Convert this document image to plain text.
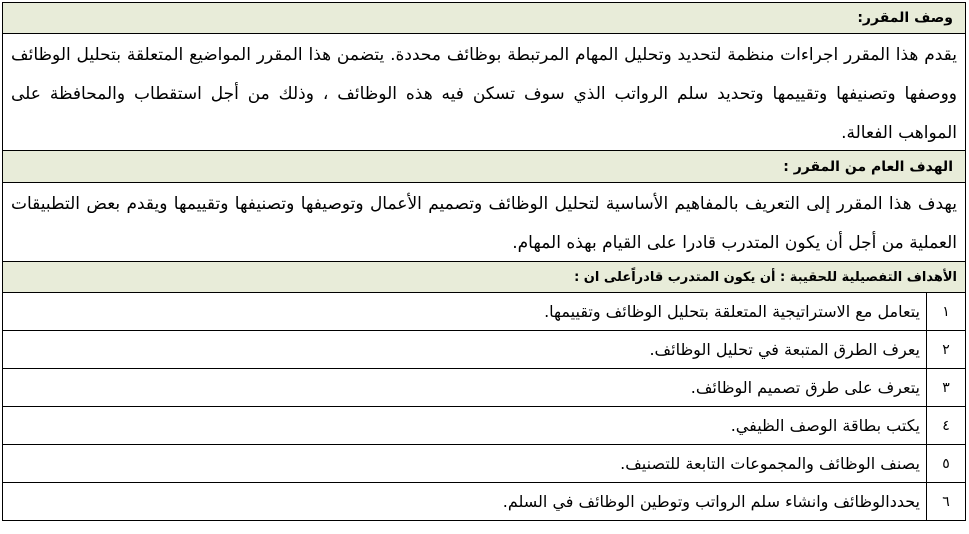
وصف المقرر:
يقدم هذا المقرر اجراءات منظمة لتحديد وتحليل المهام المرتبطة بوظائف محددة. يتضمن هذا المقرر المواضيع المتعلقة بتحليل الوظائف ووصفها وتصنيفها وتقييمها وتحديد سلم الرواتب الذي سوف تسكن فيه هذه الوظائف ، وذلك من أجل استقطاب والمحافظة على المواهب الفعالة.
الهدف العام من المقرر :
يهدف هذا المقرر إلى التعريف بالمفاهيم الأساسية لتحليل الوظائف وتصميم الأعمال وتوصيفها وتصنيفها وتقييمها ويقدم بعض التطبيقات العملية من أجل أن يكون المتدرب قادرا على القيام بهذه المهام.
الأهداف التفصيلية للحقيبة : أن يكون المتدرب قادراًعلى ان :
١
يتعامل مع الاستراتيجية المتعلقة بتحليل الوظائف وتقييمها.
٢
يعرف الطرق المتبعة في تحليل الوظائف.
٣
يتعرف على طرق تصميم الوظائف.
٤
يكتب بطاقة الوصف الظيفي.
٥
يصنف الوظائف والمجموعات التابعة للتصنيف.
٦
يحددالوظائف وانشاء سلم الرواتب وتوطين الوظائف في السلم.
